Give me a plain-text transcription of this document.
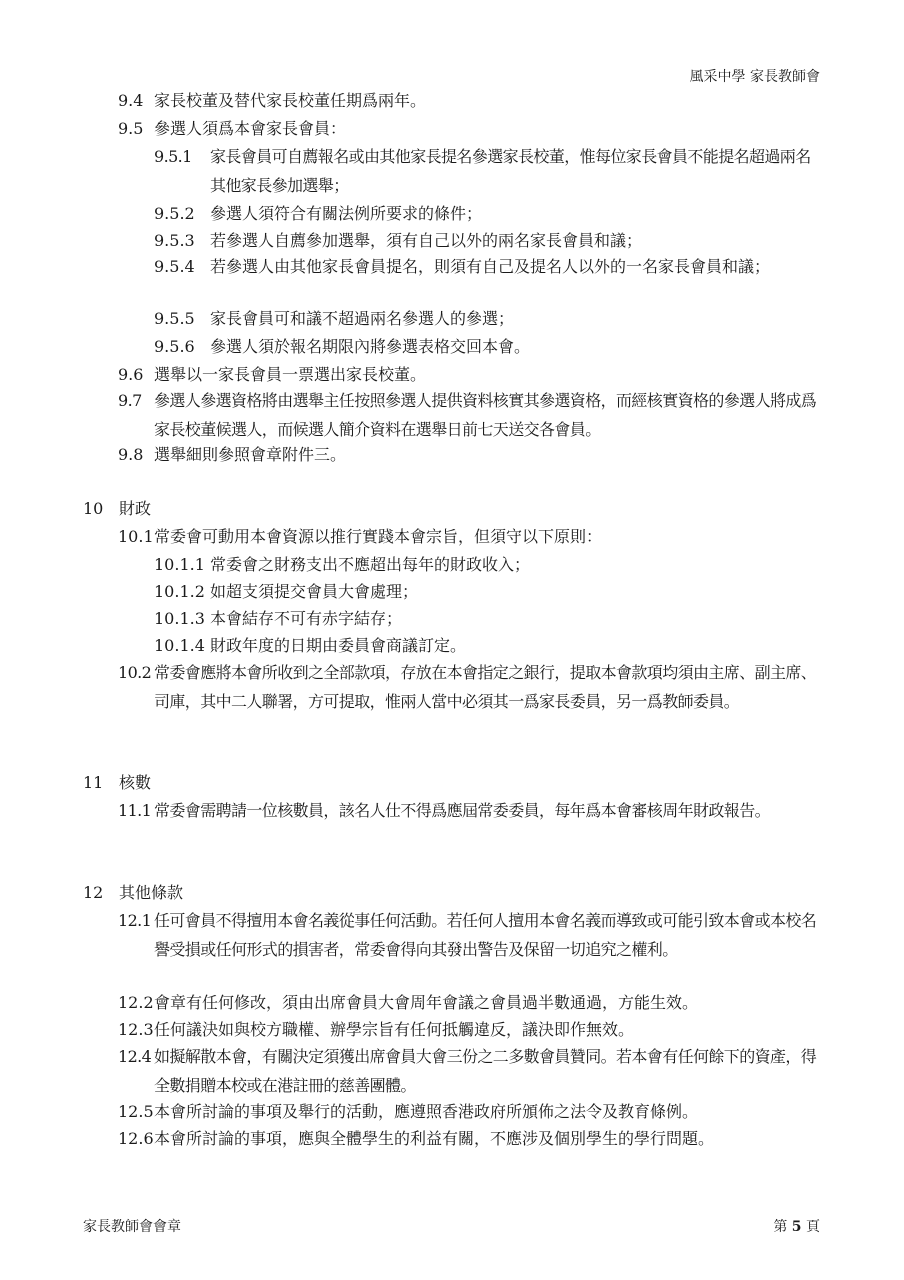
風采中學 家長教師會
9.4 家長校董及替代家長校董任期爲兩年。
9.5 參選人須爲本會家長會員：
9.5.1 家長會員可自薦報名或由其他家長提名參選家長校董，惟每位家長會員不能提名超過兩名其他家長參加選舉；
9.5.2 參選人須符合有關法例所要求的條件；
9.5.3 若參選人自薦參加選舉，須有自己以外的兩名家長會員和議；
9.5.4 若參選人由其他家長會員提名，則須有自己及提名人以外的一名家長會員和議；
9.5.5 家長會員可和議不超過兩名參選人的參選；
9.5.6 參選人須於報名期限內將參選表格交回本會。
9.6 選舉以一家長會員一票選出家長校董。
9.7 參選人參選資格將由選舉主任按照參選人提供資料核實其參選資格，而經核實資格的參選人將成爲家長校董候選人，而候選人簡介資料在選舉日前七天送交各會員。
9.8 選舉細則參照會章附件三。
10 財政
10.1 常委會可動用本會資源以推行實踐本會宗旨，但須守以下原則：
10.1.1 常委會之財務支出不應超出每年的財政收入；
10.1.2 如超支須提交會員大會處理；
10.1.3 本會結存不可有赤字結存；
10.1.4 財政年度的日期由委員會商議訂定。
10.2 常委會應將本會所收到之全部款項，存放在本會指定之銀行，提取本會款項均須由主席、副主席、司庫，其中二人聯署，方可提取，惟兩人當中必須其一爲家長委員，另一爲教師委員。
11 核數
11.1 常委會需聘請一位核數員，該名人仕不得爲應屆常委委員，每年爲本會審核周年財政報告。
12 其他條款
12.1 任可會員不得擅用本會名義從事任何活動。若任何人擅用本會名義而導致或可能引致本會或本校名譽受損或任何形式的損害者，常委會得向其發出警告及保留一切追究之權利。
12.2 會章有任何修改，須由出席會員大會周年會議之會員過半數通過，方能生效。
12.3 任何議決如與校方職權、辦學宗旨有任何抵觸違反，議決即作無效。
12.4 如擬解散本會，有關決定須獲出席會員大會三份之二多數會員贊同。若本會有任何餘下的資產，得全數捐贈本校或在港註冊的慈善團體。
12.5 本會所討論的事項及舉行的活動，應遵照香港政府所頒佈之法令及教育條例。
12.6 本會所討論的事項，應與全體學生的利益有關，不應涉及個別學生的學行問題。
家長教師會會章	第 5 頁
